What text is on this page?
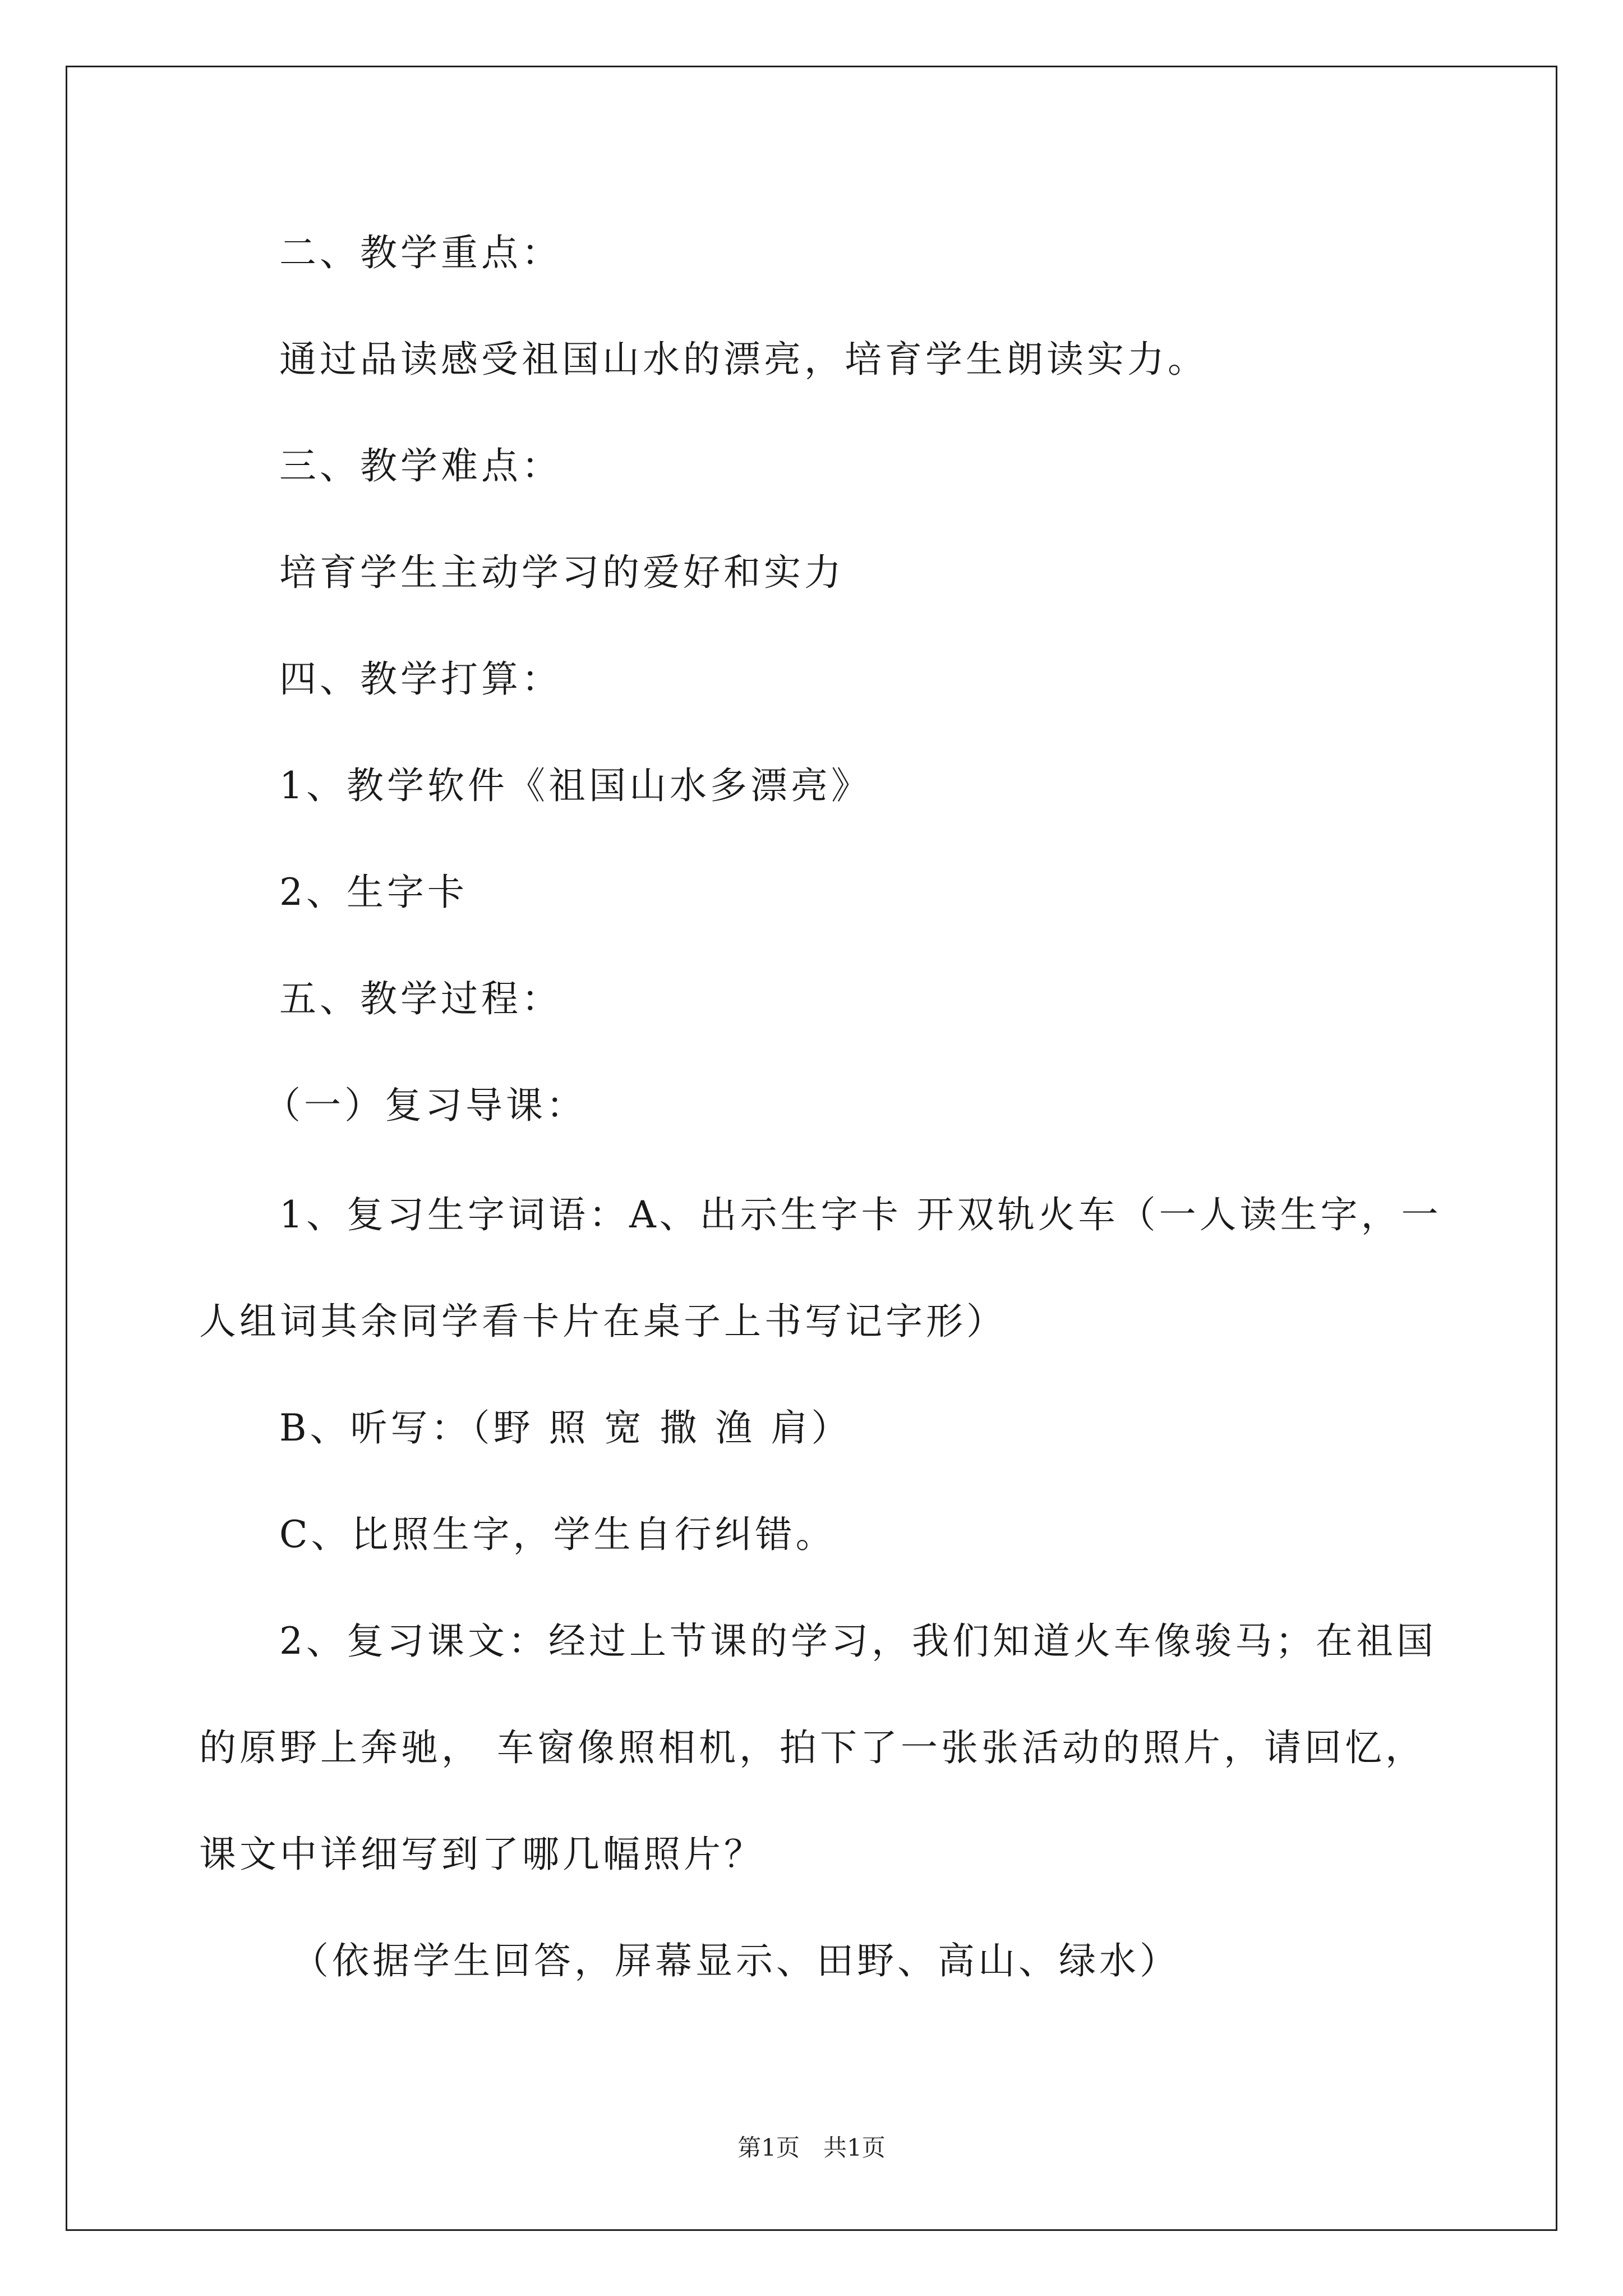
二、教学重点：
通过品读感受祖国山水的漂亮，培育学生朗读实力。
三、教学难点：
培育学生主动学习的爱好和实力
四、教学打算：
1、教学软件《祖国山水多漂亮》
2、生字卡
五、教学过程：
（一）复习导课：
1、复习生字词语：A、出示生字卡 开双轨火车（一人读生字，一
人组词其余同学看卡片在桌子上书写记字形）
B、听写：（野 照 宽 撒 渔 肩）
C、比照生字，学生自行纠错。
2、复习课文：经过上节课的学习，我们知道火车像骏马；在祖国
的原野上奔驰， 车窗像照相机，拍下了一张张活动的照片，请回忆，
课文中详细写到了哪几幅照片？
（依据学生回答，屏幕显示、田野、高山、绿水）
第1页　共1页
